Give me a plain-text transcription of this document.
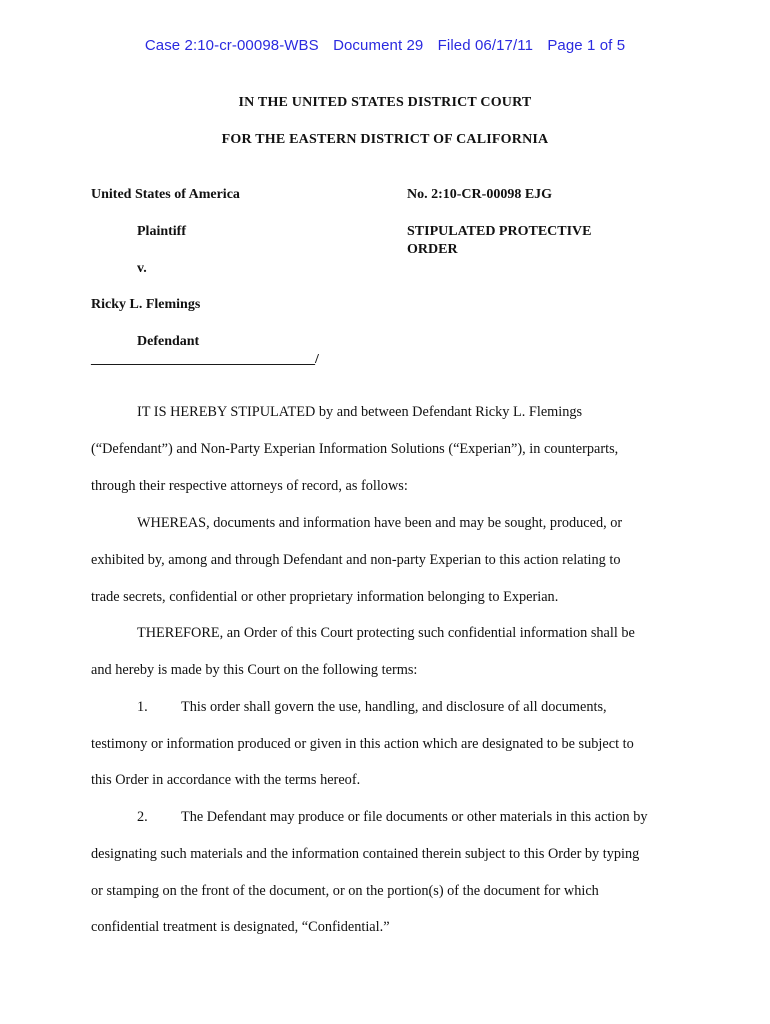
Case 2:10-cr-00098-WBS Document 29 Filed 06/17/11 Page 1 of 5
IN THE UNITED STATES DISTRICT COURT
FOR THE EASTERN DISTRICT OF CALIFORNIA
United States of America
Plaintiff
v.
Ricky L. Flemings
Defendant
________________________________/
No. 2:10-CR-00098 EJG
STIPULATED PROTECTIVE
ORDER
IT IS HEREBY STIPULATED by and between Defendant Ricky L. Flemings
(“Defendant”) and Non-Party Experian Information Solutions (“Experian”), in counterparts,
through their respective attorneys of record, as follows:
WHEREAS, documents and information have been and may be sought, produced, or
exhibited by, among and through Defendant and non-party Experian to this action relating to
trade secrets, confidential or other proprietary information belonging to Experian.
THEREFORE, an Order of this Court protecting such confidential information shall be
and hereby is made by this Court on the following terms:
1. This order shall govern the use, handling, and disclosure of all documents,
testimony or information produced or given in this action which are designated to be subject to
this Order in accordance with the terms hereof.
2. The Defendant may produce or file documents or other materials in this action by
designating such materials and the information contained therein subject to this Order by typing
or stamping on the front of the document, or on the portion(s) of the document for which
confidential treatment is designated, “Confidential.”
